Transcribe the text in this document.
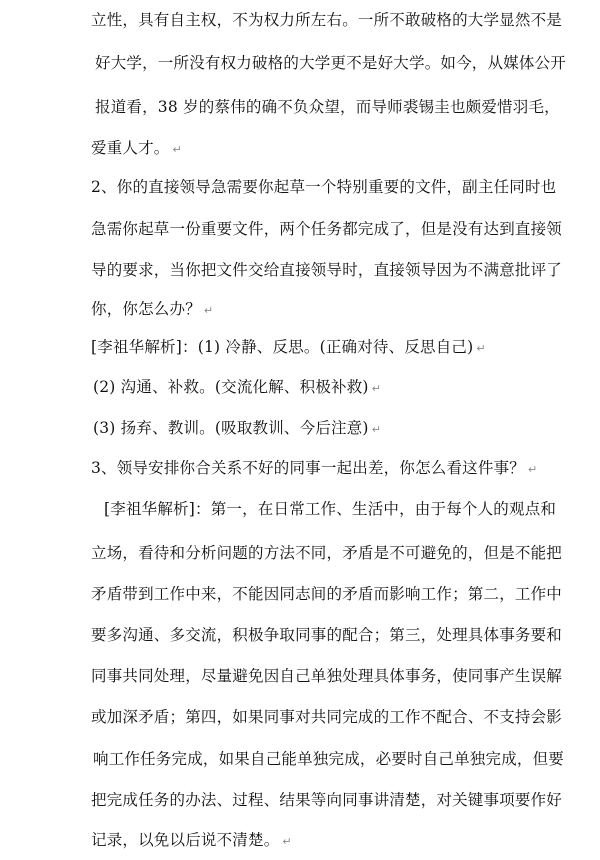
立性，具有自主权，不为权力所左右。一所不敢破格的大学显然不是
好大学，一所没有权力破格的大学更不是好大学。如今，从媒体公开
报道看，38 岁的蔡伟的确不负众望，而导师裘锡圭也颇爱惜羽毛，
爱重人才。 ↵
2、你的直接领导急需要你起草一个特别重要的文件，副主任同时也
急需你起草一份重要文件，两个任务都完成了，但是没有达到直接领
导的要求，当你把文件交给直接领导时，直接领导因为不满意批评了
你，你怎么办？ ↵
[李祖华解析]：(1) 冷静、反思。(正确对待、反思自己) ↵
(2) 沟通、补救。(交流化解、积极补救) ↵
(3) 扬弃、教训。(吸取教训、今后注意) ↵
3、领导安排你合关系不好的同事一起出差，你怎么看这件事？ ↵
[李祖华解析]：第一，在日常工作、生活中，由于每个人的观点和
立场，看待和分析问题的方法不同，矛盾是不可避免的，但是不能把
矛盾带到工作中来，不能因同志间的矛盾而影响工作；第二，工作中
要多沟通、多交流，积极争取同事的配合；第三，处理具体事务要和
同事共同处理，尽量避免因自己单独处理具体事务，使同事产生误解
或加深矛盾；第四，如果同事对共同完成的工作不配合、不支持会影
响工作任务完成，如果自己能单独完成，必要时自己单独完成，但要
把完成任务的办法、过程、结果等向同事讲清楚，对关键事项要作好
记录，以免以后说不清楚。 ↵
